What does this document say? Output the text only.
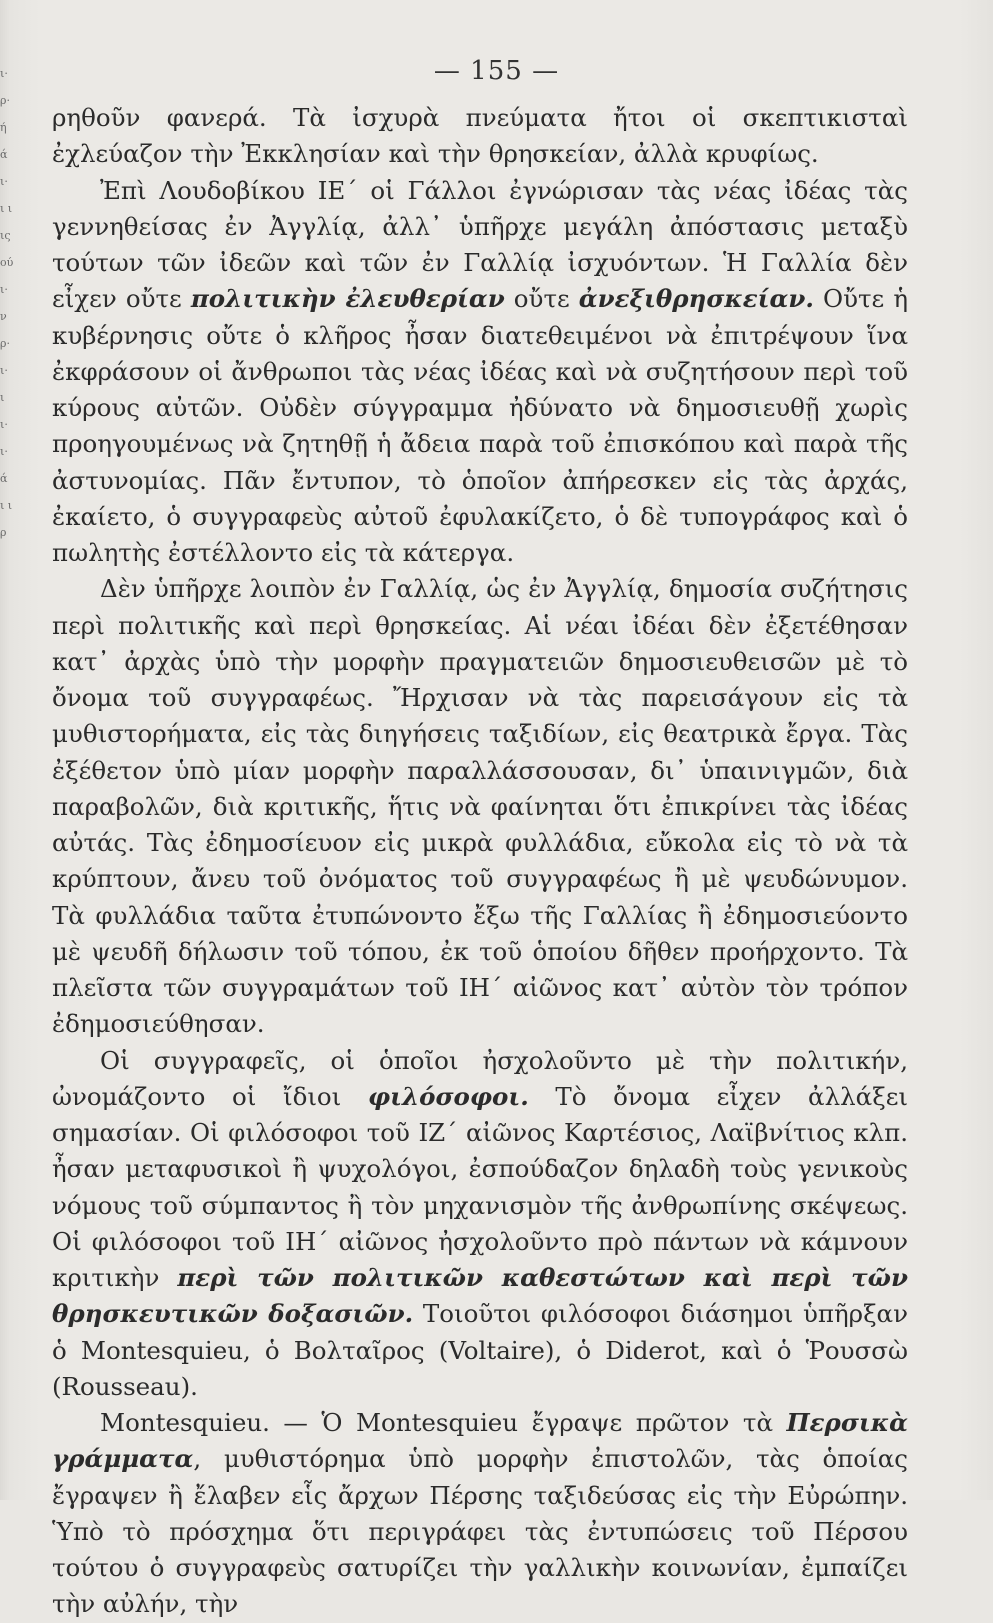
ι· ρ· ή ά ι· ι ι ις ού ι· ν ρ· ι· ι ι· ι· ά ι ι ρ
— 155 —

ρηθοῦν φανερά. Τὰ ἰσχυρὰ πνεύματα ἤτοι οἱ σκεπτικισταὶ ἐχλεύαζον τὴν Ἐκκλησίαν καὶ τὴν θρησκείαν, ἀλλὰ κρυφίως.

Ἐπὶ Λουδοβίκου ΙΕ΄ οἱ Γάλλοι ἐγνώρισαν τὰς νέας ἰδέας τὰς γεννηθείσας ἐν Ἀγγλίᾳ, ἀλλ᾽ ὑπῆρχε μεγάλη ἀπόστασις μεταξὺ τούτων τῶν ἰδεῶν καὶ τῶν ἐν Γαλλίᾳ ἰσχυόντων. Ἡ Γαλλία δὲν εἶχεν οὔτε πολιτικὴν ἐλευθερίαν οὔτε ἀνεξιθρησκείαν. Οὔτε ἡ κυβέρνησις οὔτε ὁ κλῆρος ἦσαν διατεθειμένοι νὰ ἐπιτρέψουν ἵνα ἐκφράσουν οἱ ἄνθρωποι τὰς νέας ἰδέας καὶ νὰ συζητήσουν περὶ τοῦ κύρους αὐτῶν. Οὐδὲν σύγγραμμα ἠδύνατο νὰ δημοσιευθῇ χωρὶς προηγουμένως νὰ ζητηθῇ ἡ ἄδεια παρὰ τοῦ ἐπισκόπου καὶ παρὰ τῆς ἀστυνομίας. Πᾶν ἔντυπον, τὸ ὁποῖον ἀπήρεσκεν εἰς τὰς ἀρχάς, ἐκαίετο, ὁ συγγραφεὺς αὐτοῦ ἐφυλακίζετο, ὁ δὲ τυπογράφος καὶ ὁ πωλητὴς ἐστέλλοντο εἰς τὰ κάτεργα.

Δὲν ὑπῆρχε λοιπὸν ἐν Γαλλίᾳ, ὡς ἐν Ἀγγλίᾳ, δημοσία συζήτησις περὶ πολιτικῆς καὶ περὶ θρησκείας. Αἱ νέαι ἰδέαι δὲν ἐξετέθησαν κατ᾽ ἀρχὰς ὑπὸ τὴν μορφὴν πραγματειῶν δημοσιευθεισῶν μὲ τὸ ὄνομα τοῦ συγγραφέως. Ἤρχισαν νὰ τὰς παρεισάγουν εἰς τὰ μυθιστορήματα, εἰς τὰς διηγήσεις ταξιδίων, εἰς θεατρικὰ ἔργα. Τὰς ἐξέθετον ὑπὸ μίαν μορφὴν παραλλάσσουσαν, δι᾽ ὑπαινιγμῶν, διὰ παραβολῶν, διὰ κριτικῆς, ἥτις νὰ φαίνηται ὅτι ἐπικρίνει τὰς ἰδέας αὐτάς. Τὰς ἐδημοσίευον εἰς μικρὰ φυλλάδια, εὔκολα εἰς τὸ νὰ τὰ κρύπτουν, ἄνευ τοῦ ὀνόματος τοῦ συγγραφέως ἢ μὲ ψευδώνυμον. Τὰ φυλλάδια ταῦτα ἐτυπώνοντο ἔξω τῆς Γαλλίας ἢ ἐδημοσιεύοντο μὲ ψευδῆ δήλωσιν τοῦ τόπου, ἐκ τοῦ ὁποίου δῆθεν προήρχοντο. Τὰ πλεῖστα τῶν συγγραμάτων τοῦ ΙΗ΄ αἰῶνος κατ᾽ αὐτὸν τὸν τρόπον ἐδημοσιεύθησαν.

Οἱ συγγραφεῖς, οἱ ὁποῖοι ἠσχολοῦντο μὲ τὴν πολιτικήν, ὠνομάζοντο οἱ ἴδιοι φιλόσοφοι. Τὸ ὄνομα εἶχεν ἀλλάξει σημασίαν. Οἱ φιλόσοφοι τοῦ ΙΖ΄ αἰῶνος Καρτέσιος, Λαϊβνίτιος κλπ. ἦσαν μεταφυσικοὶ ἢ ψυχολόγοι, ἐσπούδαζον δηλαδὴ τοὺς γενικοὺς νόμους τοῦ σύμπαντος ἢ τὸν μηχανισμὸν τῆς ἀνθρωπίνης σκέψεως. Οἱ φιλόσοφοι τοῦ ΙΗ΄ αἰῶνος ἠσχολοῦντο πρὸ πάντων νὰ κάμνουν κριτικὴν περὶ τῶν πολιτικῶν καθεστώτων καὶ περὶ τῶν θρησκευτικῶν δοξασιῶν. Τοιοῦτοι φιλόσοφοι διάσημοι ὑπῆρξαν ὁ Montesquieu, ὁ Βολταῖρος (Voltaire), ὁ Diderot, καὶ ὁ Ῥουσσὼ (Rousseau).

Montesquieu. — Ὁ Montesquieu ἔγραψε πρῶτον τὰ Περσικὰ γράμματα, μυθιστόρημα ὑπὸ μορφὴν ἐπιστολῶν, τὰς ὁποίας ἔγραψεν ἢ ἔλαβεν εἷς ἄρχων Πέρσης ταξιδεύσας εἰς τὴν Εὐρώπην. Ὑπὸ τὸ πρόσχημα ὅτι περιγράφει τὰς ἐντυπώσεις τοῦ Πέρσου τούτου ὁ συγγραφεὺς σατυρίζει τὴν γαλλικὴν κοινωνίαν, ἐμπαίζει τὴν αὐλήν, τὴν
